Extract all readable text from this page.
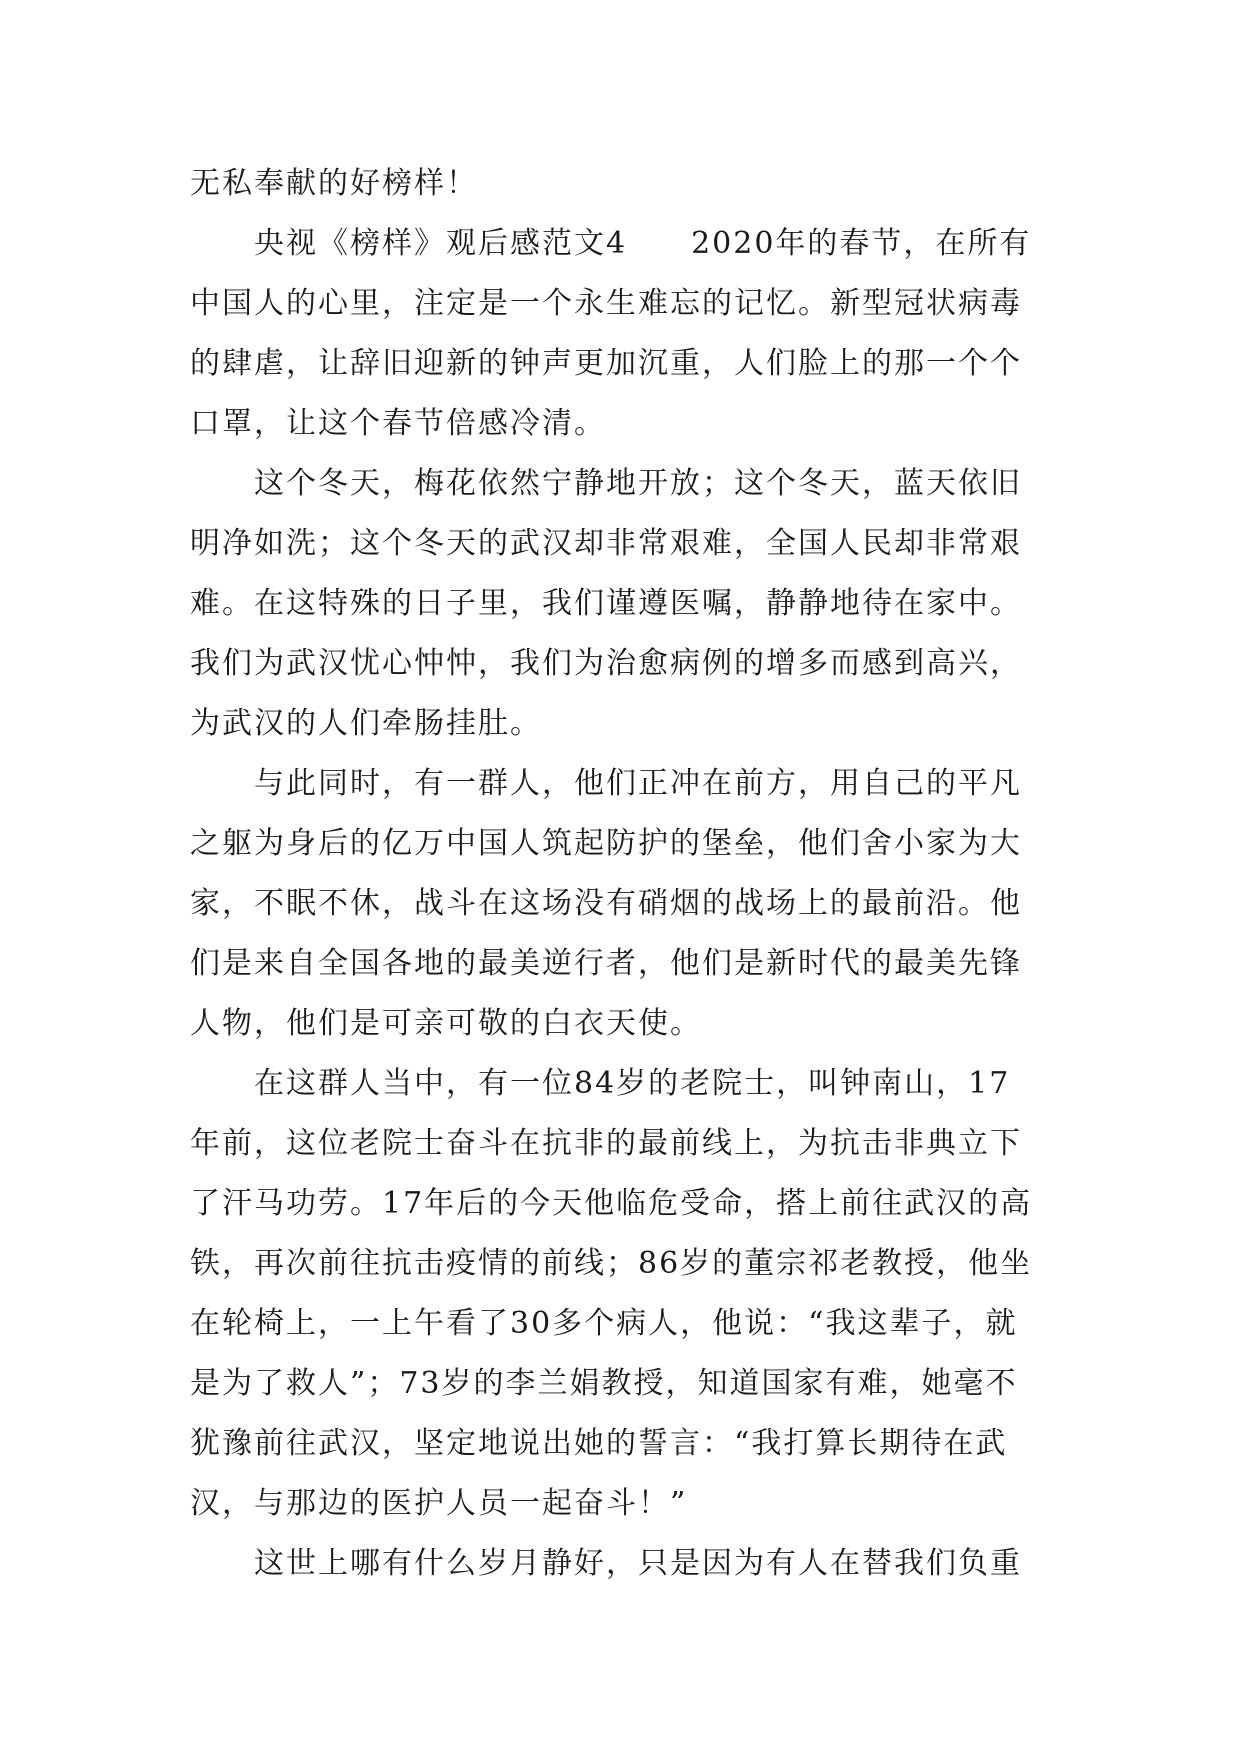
无私奉献的好榜样！
央视《榜样》观后感范文4　　2020年的春节，在所有
中国人的心里，注定是一个永生难忘的记忆。新型冠状病毒
的肆虐，让辞旧迎新的钟声更加沉重，人们脸上的那一个个
口罩，让这个春节倍感冷清。
这个冬天，梅花依然宁静地开放；这个冬天，蓝天依旧
明净如洗；这个冬天的武汉却非常艰难，全国人民却非常艰
难。在这特殊的日子里，我们谨遵医嘱，静静地待在家中。
我们为武汉忧心忡忡，我们为治愈病例的增多而感到高兴，
为武汉的人们牵肠挂肚。
与此同时，有一群人，他们正冲在前方，用自己的平凡
之躯为身后的亿万中国人筑起防护的堡垒，他们舍小家为大
家，不眠不休，战斗在这场没有硝烟的战场上的最前沿。他
们是来自全国各地的最美逆行者，他们是新时代的最美先锋
人物，他们是可亲可敬的白衣天使。
在这群人当中，有一位84岁的老院士，叫钟南山，17
年前，这位老院士奋斗在抗非的最前线上，为抗击非典立下
了汗马功劳。17年后的今天他临危受命，搭上前往武汉的高
铁，再次前往抗击疫情的前线；86岁的董宗祁老教授，他坐
在轮椅上，一上午看了30多个病人，他说：“我这辈子，就
是为了救人”；73岁的李兰娟教授，知道国家有难，她毫不
犹豫前往武汉，坚定地说出她的誓言：“我打算长期待在武
汉，与那边的医护人员一起奋斗！”
这世上哪有什么岁月静好，只是因为有人在替我们负重
